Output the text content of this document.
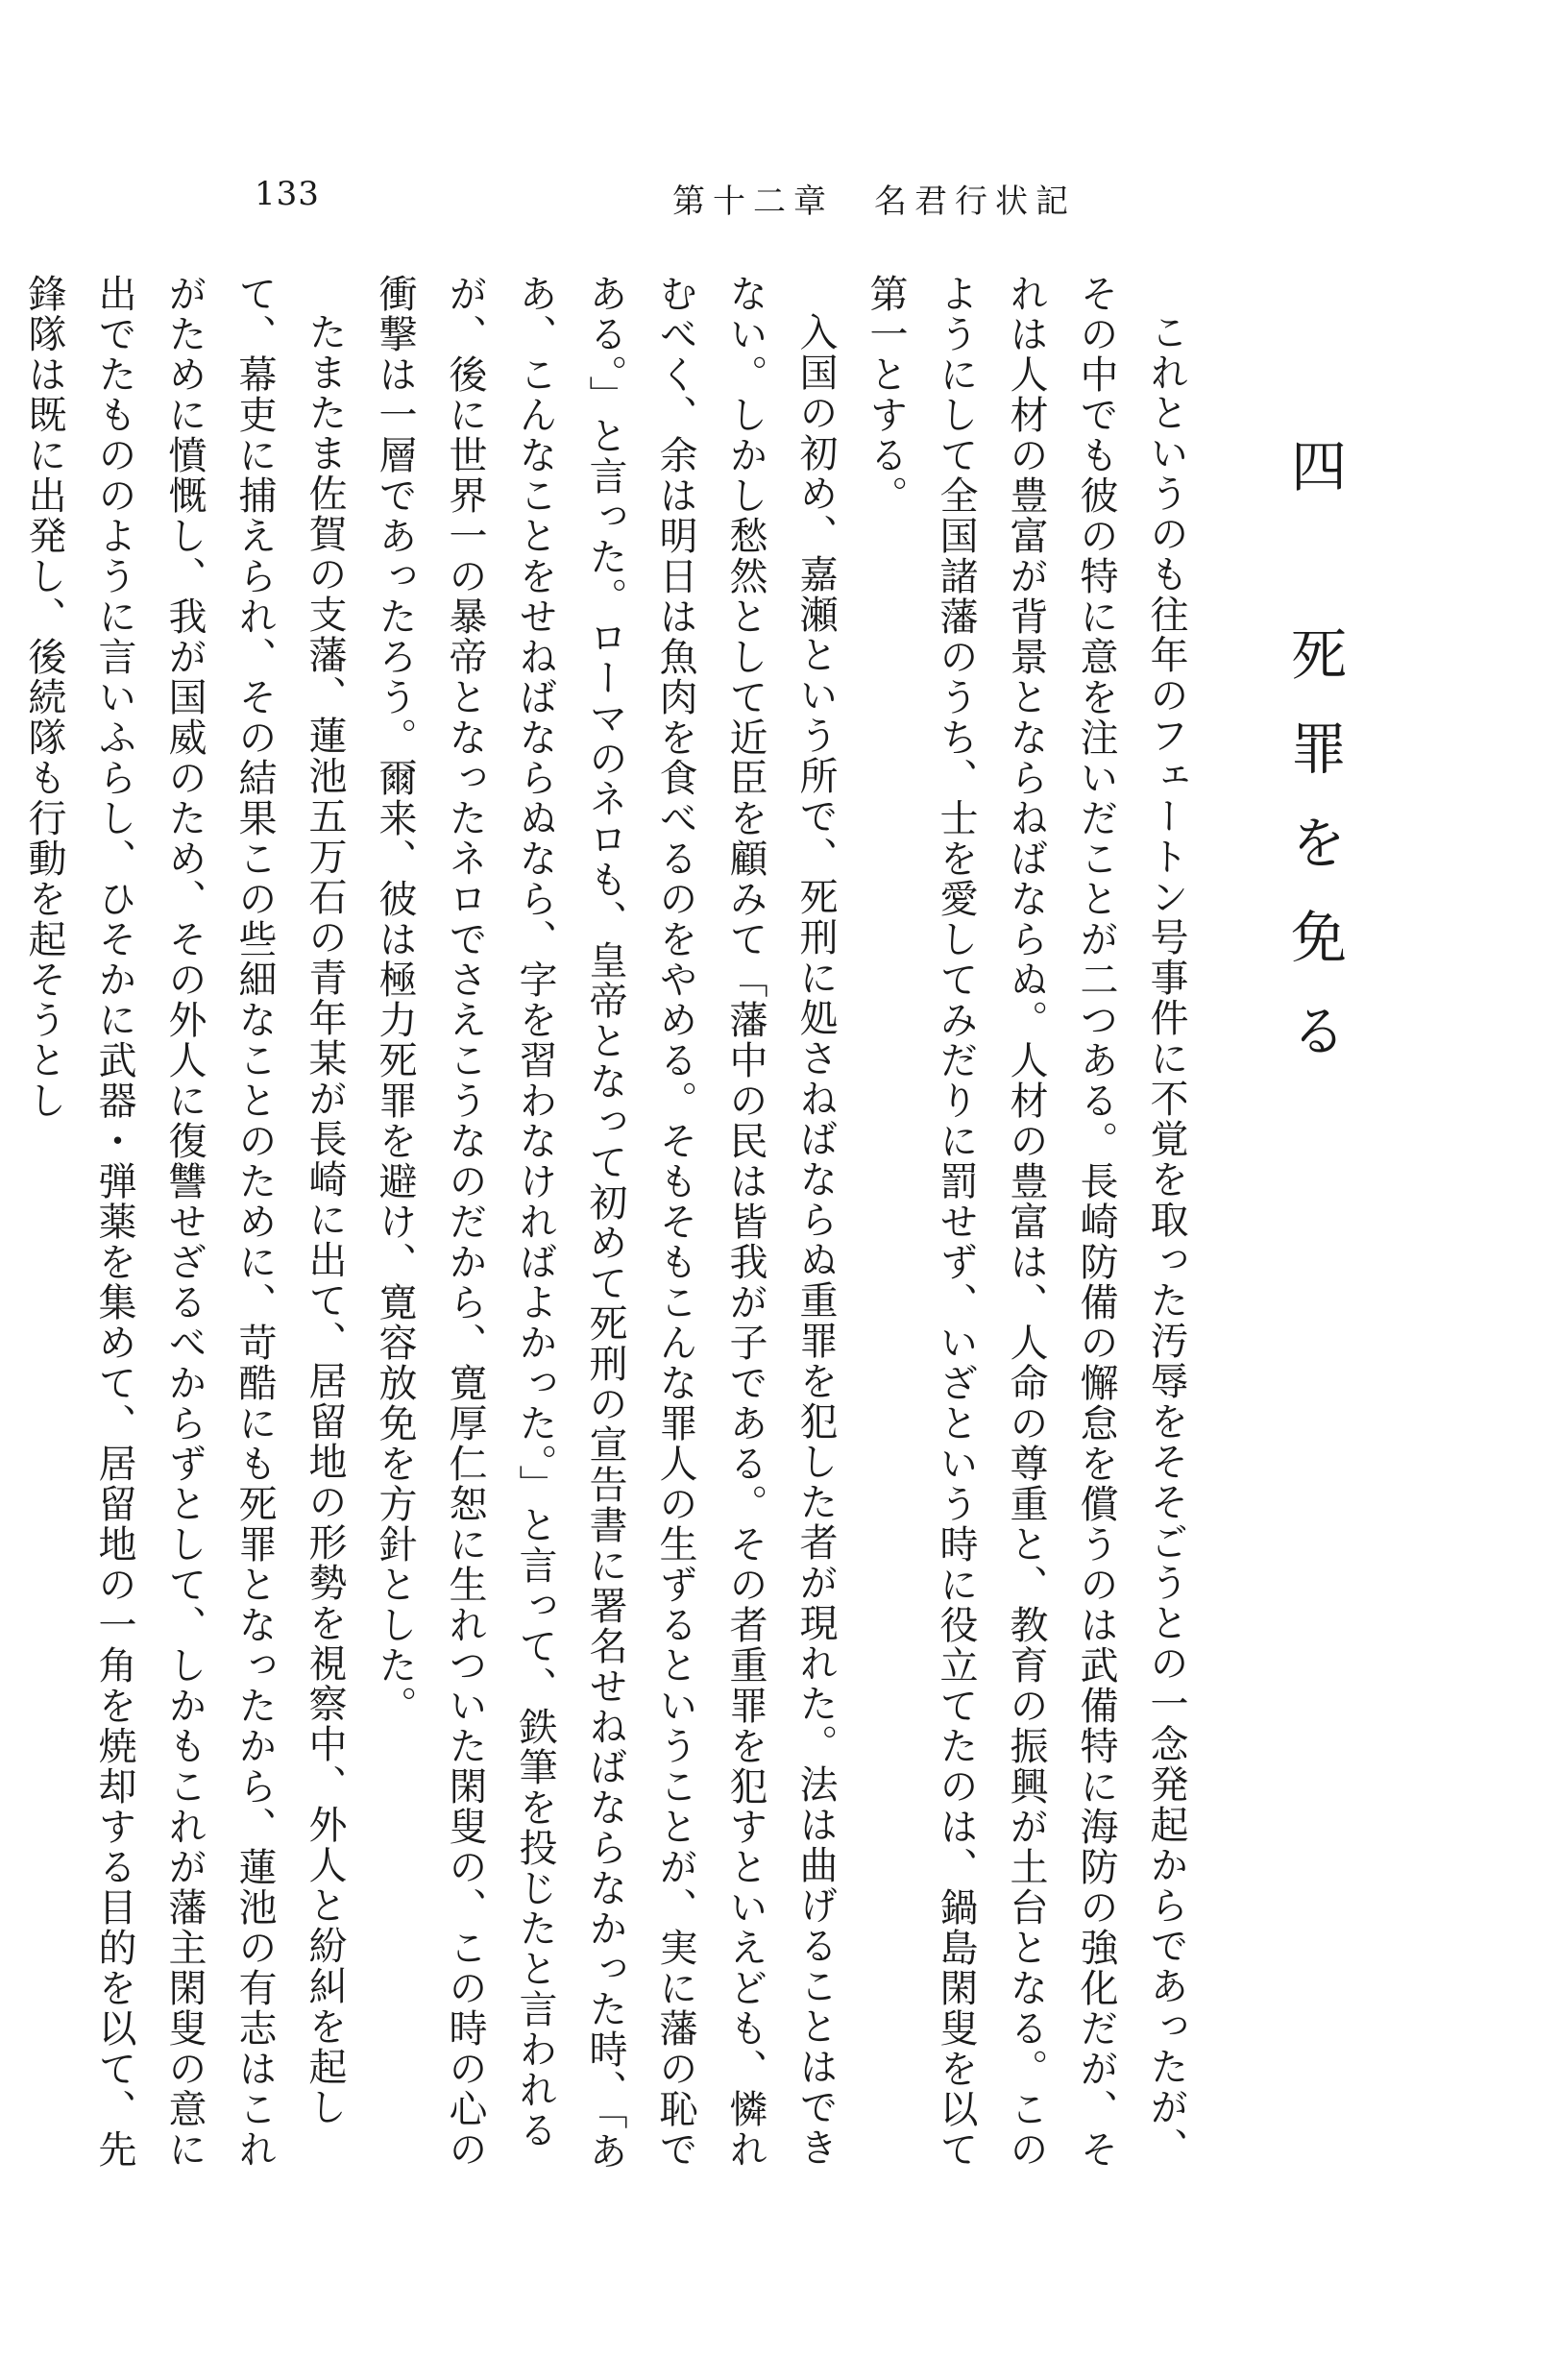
133	第十二章　名君行状記
四　死罪を免る

これというのも往年のフェートン号事件に不覚を取った汚辱をそそごうとの一念発起からであったが、その中でも彼の特に意を注いだことが二つある。長崎防備の懈怠を償うのは武備特に海防の強化だが、それは人材の豊富が背景とならねばならぬ。人材の豊富は、人命の尊重と、教育の振興が土台となる。このようにして全国諸藩のうち、士を愛してみだりに罰せず、いざという時に役立てたのは、鍋島閑叟を以て第一とする。

入国の初め、嘉瀬という所で、死刑に処さねばならぬ重罪を犯した者が現れた。法は曲げることはできない。しかし愁然として近臣を顧みて「藩中の民は皆我が子である。その者重罪を犯すといえども、憐れむべく、余は明日は魚肉を食べるのをやめる。そもそもこんな罪人の生ずるということが、実に藩の恥である。」と言った。ローマのネロも、皇帝となって初めて死刑の宣告書に署名せねばならなかった時、「ああ、こんなことをせねばならぬなら、字を習わなければよかった。」と言って、鉄筆を投じたと言われるが、後に世界一の暴帝となったネロでさえこうなのだから、寛厚仁恕に生れついた閑叟の、この時の心の衝撃は一層であったろう。爾来、彼は極力死罪を避け、寛容放免を方針とした。

たまたま佐賀の支藩、蓮池五万石の青年某が長崎に出て、居留地の形勢を視察中、外人と紛糾を起して、幕吏に捕えられ、その結果この些細なことのために、苛酷にも死罪となったから、蓮池の有志はこれがために憤慨し、我が国威のため、その外人に復讐せざるべからずとして、しかもこれが藩主閑叟の意に出でたもののように言いふらし、ひそかに武器・弾薬を集めて、居留地の一角を焼却する目的を以て、先鋒隊は既に出発し、後続隊も行動を起そうとし
